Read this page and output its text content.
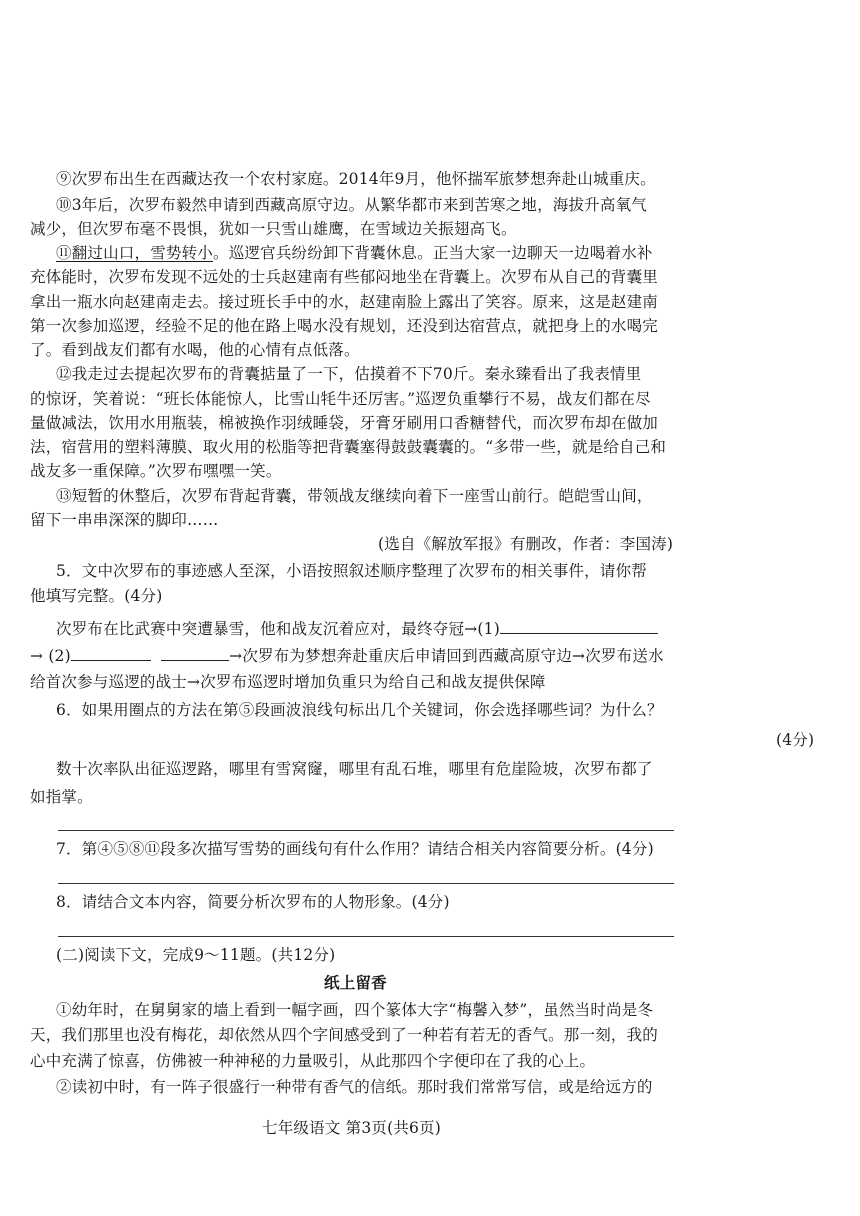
⑨次罗布出生在西藏达孜一个农村家庭。2014年9月，他怀揣军旅梦想奔赴山城重庆。
⑩3年后，次罗布毅然申请到西藏高原守边。从繁华都市来到苦寒之地，海拔升高氧气
减少，但次罗布毫不畏惧，犹如一只雪山雄鹰，在雪域边关振翅高飞。
⑪翻过山口，雪势转小。巡逻官兵纷纷卸下背囊休息。正当大家一边聊天一边喝着水补
充体能时，次罗布发现不远处的士兵赵建南有些郁闷地坐在背囊上。次罗布从自己的背囊里
拿出一瓶水向赵建南走去。接过班长手中的水，赵建南脸上露出了笑容。原来，这是赵建南
第一次参加巡逻，经验不足的他在路上喝水没有规划，还没到达宿营点，就把身上的水喝完
了。看到战友们都有水喝，他的心情有点低落。
⑫我走过去提起次罗布的背囊掂量了一下，估摸着不下70斤。秦永臻看出了我表情里
的惊讶，笑着说：“班长体能惊人，比雪山牦牛还厉害。”巡逻负重攀行不易，战友们都在尽
量做减法，饮用水用瓶装，棉被换作羽绒睡袋，牙膏牙刷用口香糖替代，而次罗布却在做加
法，宿营用的塑料薄膜、取火用的松脂等把背囊塞得鼓鼓囊囊的。“多带一些，就是给自己和
战友多一重保障。”次罗布嘿嘿一笑。
⑬短暂的休整后，次罗布背起背囊，带领战友继续向着下一座雪山前行。皑皑雪山间，
留下一串串深深的脚印……
(选自《解放军报》有删改，作者：李国涛)
5．文中次罗布的事迹感人至深，小语按照叙述顺序整理了次罗布的相关事件，请你帮
他填写完整。(4分)
次罗布在比武赛中突遭暴雪，他和战友沉着应对，最终夺冠→(1)
→ (2)	→次罗布为梦想奔赴重庆后申请回到西藏高原守边→次罗布送水
给首次参与巡逻的战士→次罗布巡逻时增加负重只为给自己和战友提供保障
6．如果用圈点的方法在第⑤段画波浪线句标出几个关键词，你会选择哪些词？为什么？
(4分)
数十次率队出征巡逻路，哪里有雪窝窿，哪里有乱石堆，哪里有危崖险坡，次罗布都了
如指掌。
7．第④⑤⑧⑪段多次描写雪势的画线句有什么作用？请结合相关内容简要分析。(4分)
8．请结合文本内容，简要分析次罗布的人物形象。(4分)
(二)阅读下文，完成9～11题。(共12分)
纸上留香
①幼年时，在舅舅家的墙上看到一幅字画，四个篆体大字“梅馨入梦”，虽然当时尚是冬
天，我们那里也没有梅花，却依然从四个字间感受到了一种若有若无的香气。那一刻，我的
心中充满了惊喜，仿佛被一种神秘的力量吸引，从此那四个字便印在了我的心上。
②读初中时，有一阵子很盛行一种带有香气的信纸。那时我们常常写信，或是给远方的
七年级语文 第3页(共6页)
